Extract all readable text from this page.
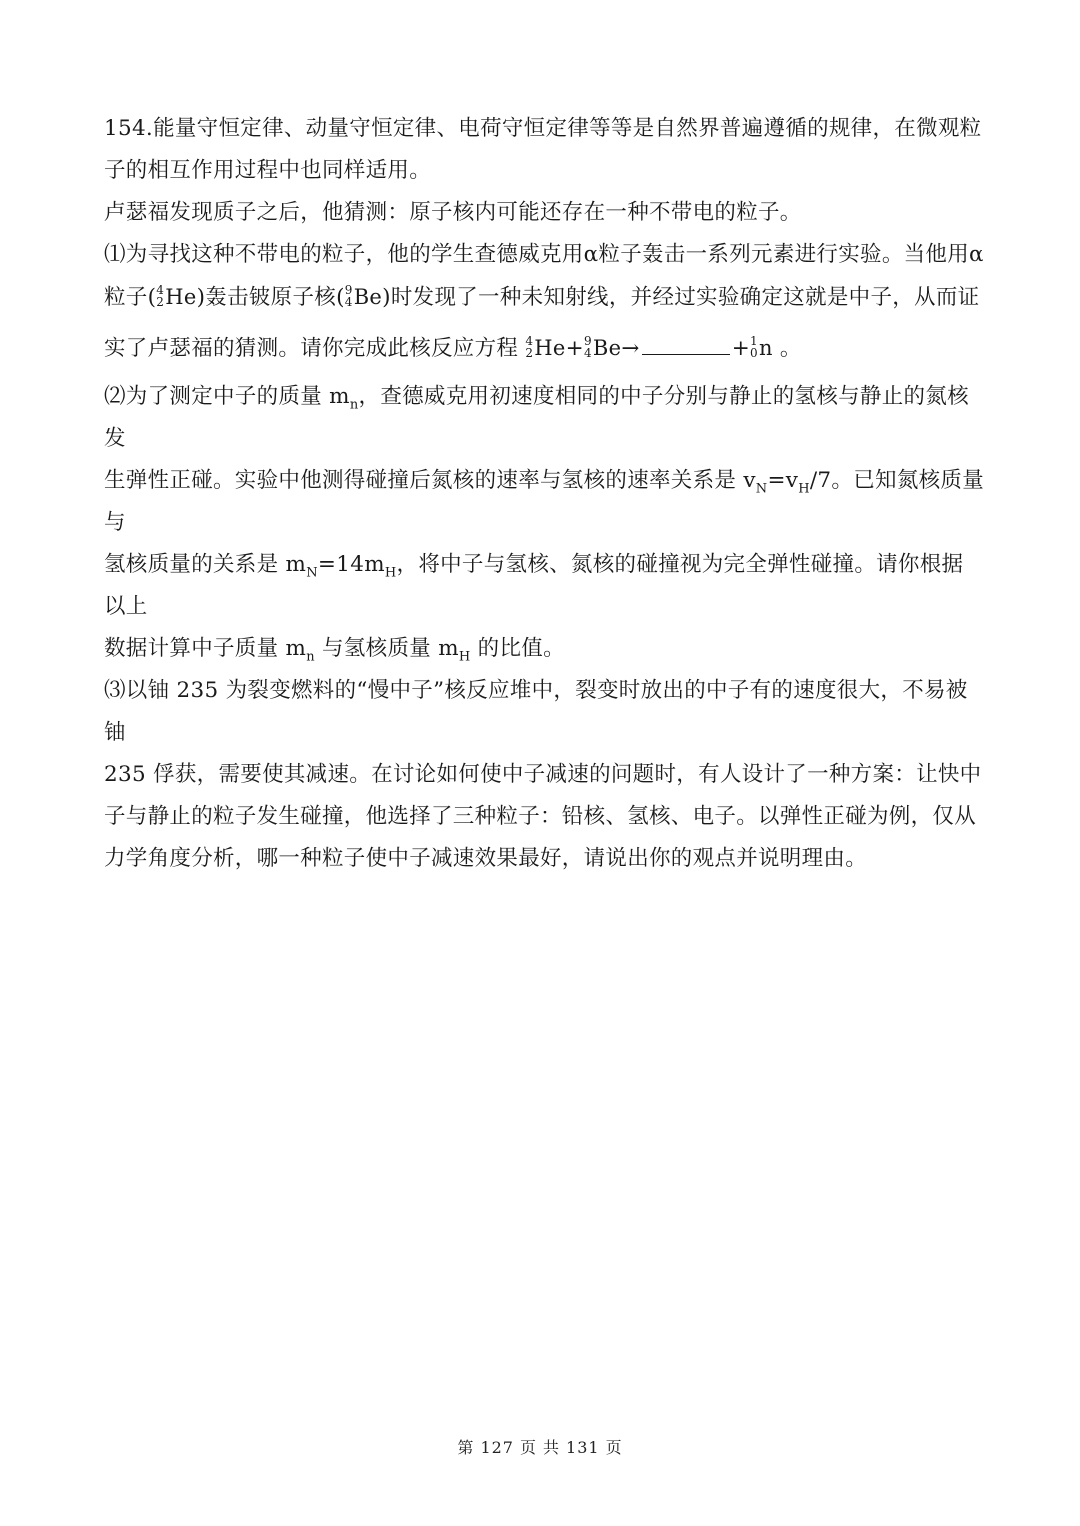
154.能量守恒定律、动量守恒定律、电荷守恒定律等等是自然界普遍遵循的规律，在微观粒

子的相互作用过程中也同样适用。

卢瑟福发现质子之后，他猜测：原子核内可能还存在一种不带电的粒子。

⑴为寻找这种不带电的粒子，他的学生查德威克用α粒子轰击一系列元素进行实验。当他用α

粒子( 4
2 He)轰击铍原子核( 9
4 Be)时发现了一种未知射线，并经过实验确定这就是中子，从而证

实了卢瑟福的猜测。请你完成此核反应方程 4
2 He+ 9
4 Be→	+ 1
0 n 。

⑵为了测定中子的质量 $m_n$，查德威克用初速度相同的中子分别与静止的氢核与静止的氮核发

生弹性正碰。实验中他测得碰撞后氮核的速率与氢核的速率关系是 $v_N=v_H/7$。已知氮核质量与

氢核质量的关系是 $m_N=14m_H$，将中子与氢核、氮核的碰撞视为完全弹性碰撞。请你根据以上

数据计算中子质量 $m_n$ 与氢核质量 $m_H$ 的比值。

⑶以铀 235 为裂变燃料的“慢中子”核反应堆中，裂变时放出的中子有的速度很大，不易被铀

235 俘获，需要使其减速。在讨论如何使中子减速的问题时，有人设计了一种方案：让快中

子与静止的粒子发生碰撞，他选择了三种粒子：铅核、氢核、电子。以弹性正碰为例，仅从

力学角度分析，哪一种粒子使中子减速效果最好，请说出你的观点并说明理由。

第 127 页 共 131 页
